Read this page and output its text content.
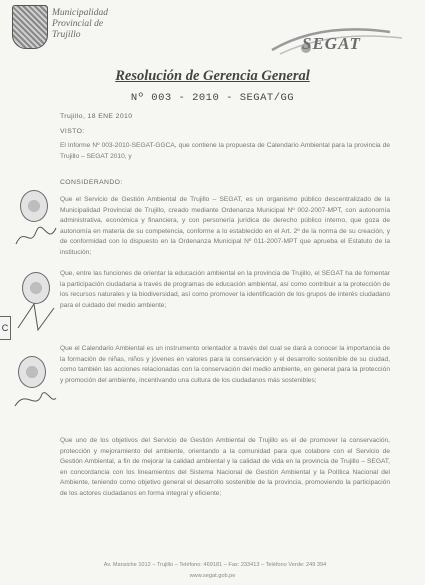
Municipalidad Provincial de Trujillo	SEGAT
Resolución de Gerencia General
Nº 003 - 2010 - SEGAT/GG
Trujillo, 18 ENE 2010
VISTO:
El Informe Nº 003-2010-SEGAT-GGCA, que contiene la propuesta de Calendario Ambiental para la provincia de Trujillo – SEGAT 2010, y
CONSIDERANDO:
Que el Servicio de Gestión Ambiental de Trujillo – SEGAT, es un organismo público descentralizado de la Municipalidad Provincial de Trujillo, creado mediante Ordenanza Municipal Nº 002-2007-MPT, con autonomía administrativa, económica y financiera, y con personería jurídica de derecho público interno, que goza de autonomía en materia de su competencia, conforme a lo establecido en el Art. 2º de la norma de su creación, y de conformidad con lo dispuesto en la Ordenanza Municipal Nº 011-2007-MPT que aprueba el Estatuto de la institución;
Que, entre las funciones de orientar la educación ambiental en la provincia de Trujillo, el SEGAT ha de fomentar la participación ciudadana a través de programas de educación ambiental, así como contribuir a la protección de los recursos naturales y la biodiversidad, así como promover la identificación de los grupos de interés ciudadano para el cuidado del medio ambiente;
Que el Calendario Ambiental es un instrumento orientador a través del cual se dará a conocer la importancia de la formación de niñas, niños y jóvenes en valores para la conservación y el desarrollo sostenible de su ciudad, como también las acciones relacionadas con la conservación del medio ambiente, en general para la protección y promoción del ambiente, incentivando una cultura de los ciudadanos más sostenibles;
Que uno de los objetivos del Servicio de Gestión Ambiental de Trujillo es el de promover la conservación, protección y mejoramiento del ambiente, orientando a la comunidad para que colabore con el Servicio de Gestión Ambiental, a fin de mejorar la calidad ambiental y la calidad de vida en la provincia de Trujillo – SEGAT, en concordancia con los lineamientos del Sistema Nacional de Gestión Ambiental y la Política Nacional del Ambiente, teniendo como objetivo general el desarrollo sostenible de la provincia, promoviendo la participación de los actores ciudadanos en forma integral y eficiente;
C
Av. Mansiche 1012 – Trujillo – Teléfono: 469181 – Fax: 233413 – Teléfono Verde: 249 394
www.segat.gob.pe
